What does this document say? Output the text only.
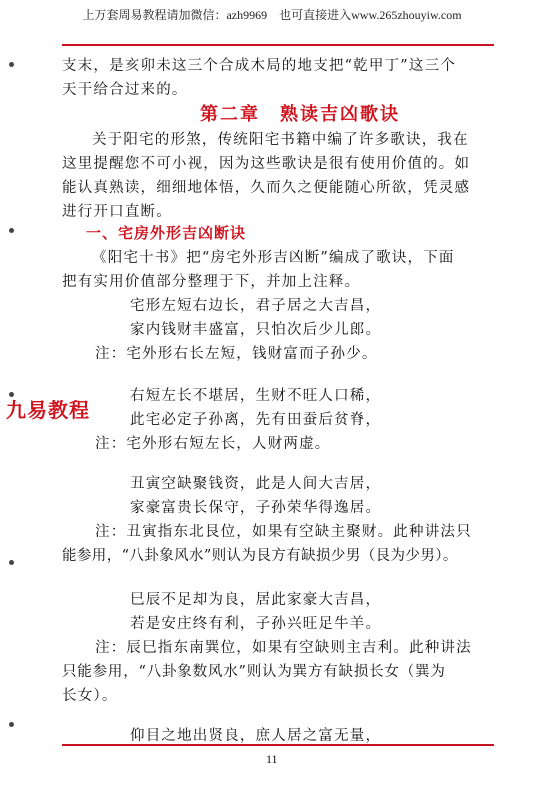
上万套周易教程请加微信：azh9969　也可直接进入www.265zhouyiw.com
支末，是亥卯未这三个合成木局的地支把“乾甲丁”这三个
天干给合过来的。
第二章　熟读吉凶歌诀
关于阳宅的形煞，传统阳宅书籍中编了许多歌诀，我在
这里提醒您不可小视，因为这些歌诀是很有使用价值的。如
能认真熟读，细细地体悟，久而久之便能随心所欲，凭灵感
进行开口直断。
一、宅房外形吉凶断诀
《阳宅十书》把“房宅外形吉凶断”编成了歌诀，下面
把有实用价值部分整理于下，并加上注释。
宅形左短右边长，君子居之大吉昌，
家内钱财丰盛富，只怕次后少儿郎。
注：宅外形右长左短，钱财富而子孙少。
右短左长不堪居，生财不旺人口稀，
此宅必定子孙离，先有田蚕后贫脊，
注：宅外形右短左长，人财两虚。
丑寅空缺聚钱资，此是人间大吉居，
家豪富贵长保守，子孙荣华得逸居。
注：丑寅指东北艮位，如果有空缺主聚财。此种讲法只
能参用，“八卦象风水”则认为艮方有缺损少男（艮为少男）。
巳辰不足却为良，居此家豪大吉昌，
若是安庄终有利，子孙兴旺足牛羊。
注：辰巳指东南巽位，如果有空缺则主吉利。此种讲法
只能参用，“八卦象数风水”则认为巽方有缺损长女（巽为
长女）。
仰目之地出贤良，庶人居之富无量，
九易教程
11
